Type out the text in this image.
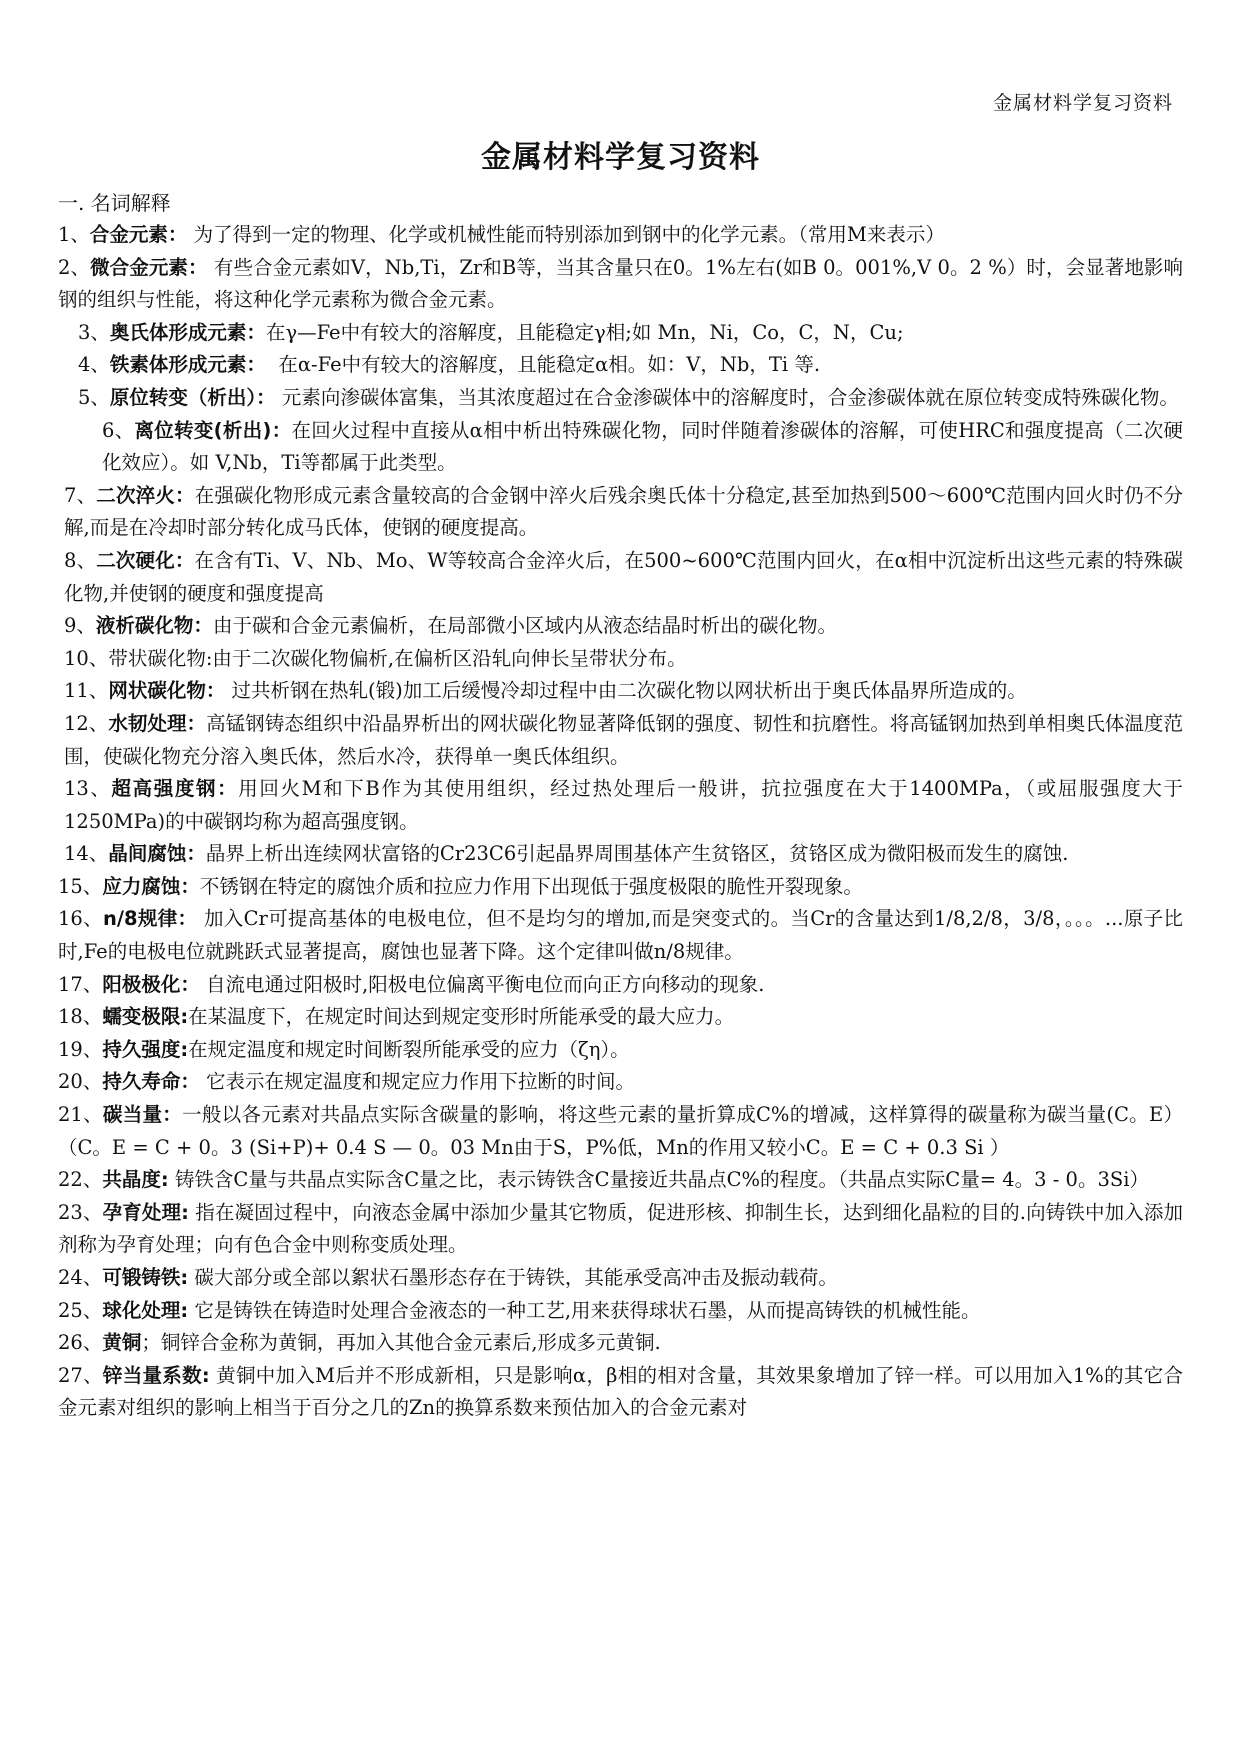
金属材料学复习资料
金属材料学复习资料
一. 名词解释

1、合金元素： 为了得到一定的物理、化学或机械性能而特别添加到钢中的化学元素。（常用M来表示）

2、微合金元素： 有些合金元素如V，Nb,Ti，Zr和B等，当其含量只在0。1%左右(如B 0。001%,V 0。2 %）时，会显著地影响钢的组织与性能，将这种化学元素称为微合金元素。

3、奥氏体形成元素：在γ—Fe中有较大的溶解度，且能稳定γ相;如 Mn，Ni，Co，C，N，Cu;

4、铁素体形成元素： 在α-Fe中有较大的溶解度，且能稳定α相。如：V，Nb，Ti 等.

5、原位转变（析出）： 元素向渗碳体富集，当其浓度超过在合金渗碳体中的溶解度时，合金渗碳体就在原位转变成特殊碳化物。

6、离位转变(析出)：在回火过程中直接从α相中析出特殊碳化物，同时伴随着渗碳体的溶解，可使HRC和强度提高（二次硬化效应）。如 V,Nb，Ti等都属于此类型。

7、二次淬火：在强碳化物形成元素含量较高的合金钢中淬火后残余奥氏体十分稳定,甚至加热到500～600℃范围内回火时仍不分解,而是在冷却时部分转化成马氏体，使钢的硬度提高。

8、二次硬化：在含有Ti、V、Nb、Mo、W等较高合金淬火后，在500~600℃范围内回火，在α相中沉淀析出这些元素的特殊碳化物,并使钢的硬度和强度提高

9、液析碳化物：由于碳和合金元素偏析，在局部微小区域内从液态结晶时析出的碳化物。

10、带状碳化物:由于二次碳化物偏析,在偏析区沿轧向伸长呈带状分布。

11、网状碳化物： 过共析钢在热轧(锻)加工后缓慢冷却过程中由二次碳化物以网状析出于奥氏体晶界所造成的。

12、水韧处理：高锰钢铸态组织中沿晶界析出的网状碳化物显著降低钢的强度、韧性和抗磨性。将高锰钢加热到单相奥氏体温度范围，使碳化物充分溶入奥氏体，然后水冷，获得单一奥氏体组织。

13、超高强度钢：用回火M和下B作为其使用组织，经过热处理后一般讲，抗拉强度在大于1400MPa，（或屈服强度大于1250MPa)的中碳钢均称为超高强度钢。

14、晶间腐蚀：晶界上析出连续网状富铬的Cr23C6引起晶界周围基体产生贫铬区，贫铬区成为微阳极而发生的腐蚀.

15、应力腐蚀：不锈钢在特定的腐蚀介质和拉应力作用下出现低于强度极限的脆性开裂现象。

16、n/8规律： 加入Cr可提高基体的电极电位，但不是均匀的增加,而是突变式的。当Cr的含量达到1/8,2/8，3/8，。。。...原子比时,Fe的电极电位就跳跃式显著提高，腐蚀也显著下降。这个定律叫做n/8规律。

17、阳极极化： 自流电通过阳极时,阳极电位偏离平衡电位而向正方向移动的现象.

18、蠕变极限:在某温度下，在规定时间达到规定变形时所能承受的最大应力。

19、持久强度:在规定温度和规定时间断裂所能承受的应力（ζη）。

20、持久寿命： 它表示在规定温度和规定应力作用下拉断的时间。

21、碳当量：一般以各元素对共晶点实际含碳量的影响，将这些元素的量折算成C%的增减，这样算得的碳量称为碳当量(C。E）（C。E = C + 0。3 (Si+P)+ 0.4 S — 0。03 Mn由于S，P%低，Mn的作用又较小C。E = C + 0.3 Si ）

22、共晶度: 铸铁含C量与共晶点实际含C量之比，表示铸铁含C量接近共晶点C%的程度。（共晶点实际C量= 4。3 - 0。3Si）

23、孕育处理: 指在凝固过程中，向液态金属中添加少量其它物质，促进形核、抑制生长，达到细化晶粒的目的.向铸铁中加入添加剂称为孕育处理；向有色合金中则称变质处理。

24、可锻铸铁: 碳大部分或全部以絮状石墨形态存在于铸铁，其能承受高冲击及振动载荷。

25、球化处理: 它是铸铁在铸造时处理合金液态的一种工艺,用来获得球状石墨，从而提高铸铁的机械性能。

26、黄铜；铜锌合金称为黄铜，再加入其他合金元素后,形成多元黄铜.

27、锌当量系数: 黄铜中加入M后并不形成新相，只是影响α，β相的相对含量，其效果象增加了锌一样。可以用加入1%的其它合金元素对组织的影响上相当于百分之几的Zn的换算系数来预估加入的合金元素对
